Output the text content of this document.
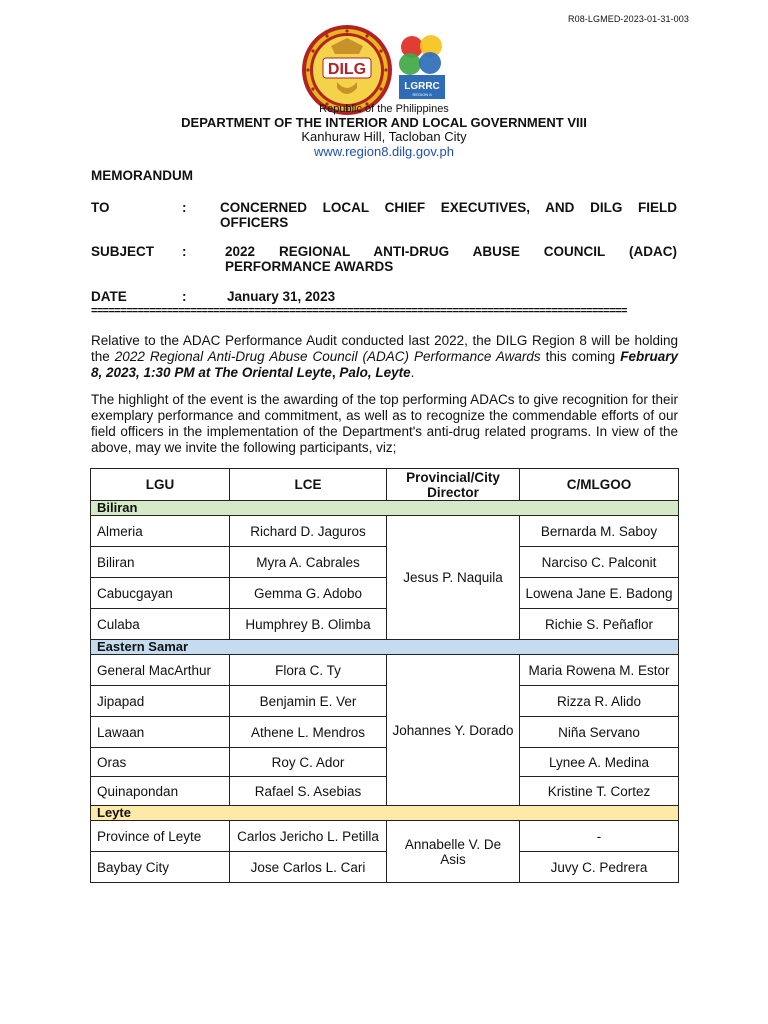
R08-LGMED-2023-01-31-003
DILG
LGRRC
REGION 8
Republic of the Philippines
DEPARTMENT OF THE INTERIOR AND LOCAL GOVERNMENT VIII
Kanhuraw Hill, Tacloban City
www.region8.dilg.gov.ph
MEMORANDUM
TO	: CONCERNED LOCAL CHIEF EXECUTIVES, AND DILG FIELD OFFICERS
SUBJECT :	2022 REGIONAL ANTI-DRUG ABUSE COUNCIL (ADAC) PERFORMANCE AWARDS
DATE	:	January 31, 2023
============================================================================================
Relative to the ADAC Performance Audit conducted last 2022, the DILG Region 8 will be holding the 2022 Regional Anti-Drug Abuse Council (ADAC) Performance Awards this coming February 8, 2023, 1:30 PM at The Oriental Leyte, Palo, Leyte.
The highlight of the event is the awarding of the top performing ADACs to give recognition for their exemplary performance and commitment, as well as to recognize the commendable efforts of our field officers in the implementation of the Department's anti-drug related programs. In view of the above, may we invite the following participants, viz;
LGU	LCE	Provincial/City Director	C/MLGOO
Biliran			
Almeria	Richard D. Jaguros	Jesus P. Naquila	Bernarda M. Saboy
Biliran	Myra A. Cabrales		Narciso C. Palconit
Cabucgayan	Gemma G. Adobo		Lowena Jane E. Badong
Culaba	Humphrey B. Olimba		Richie S. Peñaflor
Eastern Samar			
General MacArthur	Flora C. Ty	Johannes Y. Dorado	Maria Rowena M. Estor
Jipapad	Benjamin E. Ver		Rizza R. Alido
Lawaan	Athene L. Mendros		Niña Servano
Oras	Roy C. Ador		Lynee A. Medina
Quinapondan	Rafael S. Asebias		Kristine T. Cortez
Leyte			
Province of Leyte	Carlos Jericho L. Petilla	Annabelle V. De Asis	-
Baybay City	Jose Carlos L. Cari		Juvy C. Pedrera
